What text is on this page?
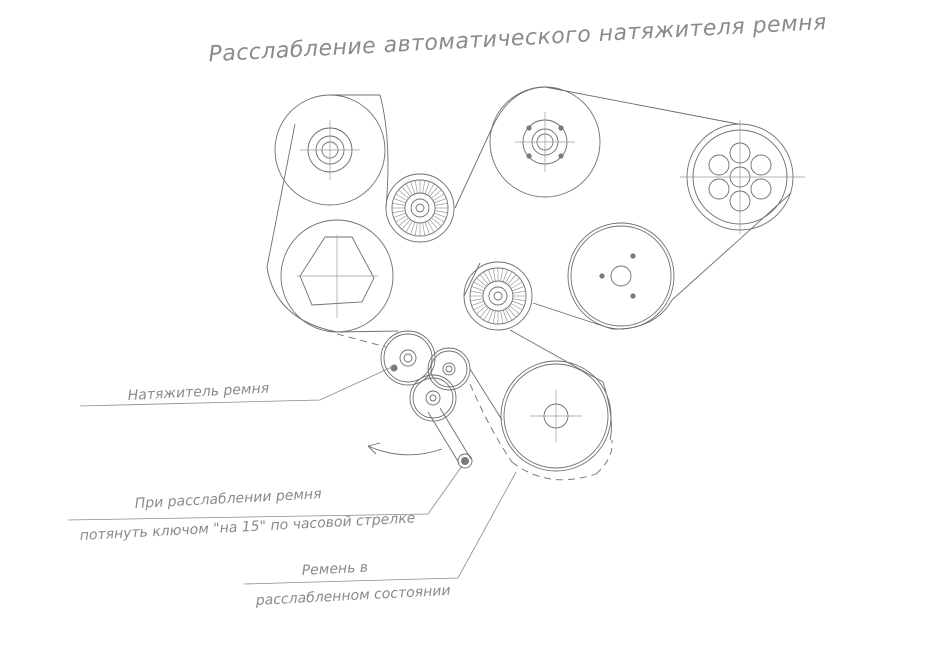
Расслабление автоматического натяжителя ремня
Натяжитель ремня
При расслаблении ремня
потянуть ключом "на 15" по часовой стрелке
Ремень в
расслабленном состоянии
